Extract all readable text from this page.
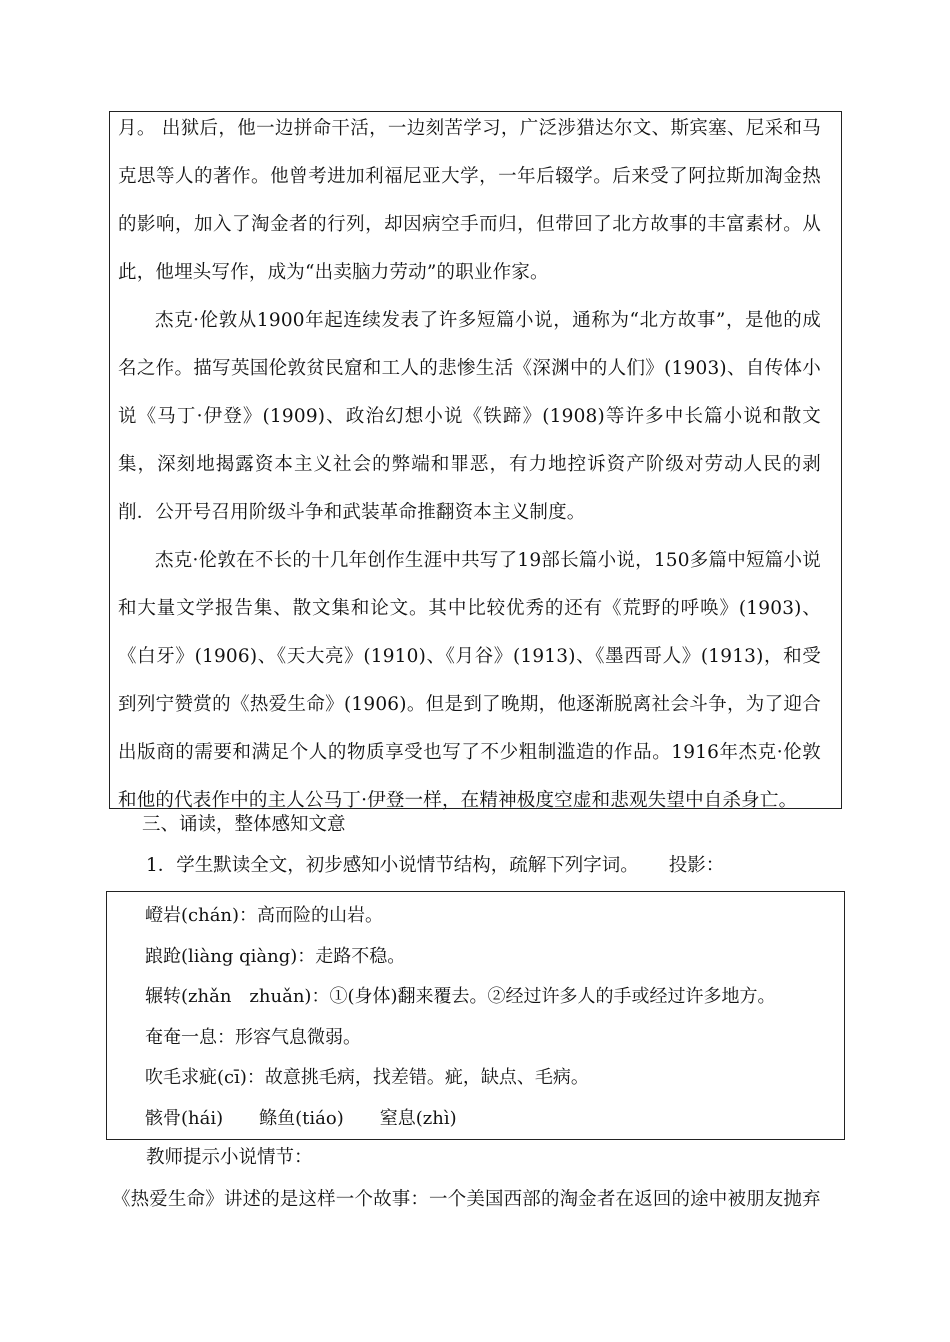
月。 出狱后，他一边拼命干活，一边刻苦学习，广泛涉猎达尔文、斯宾塞、尼采和马克思等人的著作。他曾考进加利福尼亚大学，一年后辍学。后来受了阿拉斯加淘金热的影响，加入了淘金者的行列，却因病空手而归，但带回了北方故事的丰富素材。从此，他埋头写作，成为“出卖脑力劳动”的职业作家。

杰克·伦敦从1900年起连续发表了许多短篇小说，通称为“北方故事”，是他的成名之作。描写英国伦敦贫民窟和工人的悲惨生活《深渊中的人们》(1903)、自传体小说《马丁·伊登》(1909)、政治幻想小说《铁蹄》(1908)等许多中长篇小说和散文集，深刻地揭露资本主义社会的弊端和罪恶，有力地控诉资产阶级对劳动人民的剥削．公开号召用阶级斗争和武装革命推翻资本主义制度。

杰克·伦敦在不长的十几年创作生涯中共写了19部长篇小说，150多篇中短篇小说和大量文学报告集、散文集和论文。其中比较优秀的还有《荒野的呼唤》(1903)、《白牙》(1906)、《天大亮》(1910)、《月谷》(1913)、《墨西哥人》(1913)，和受到列宁赞赏的《热爱生命》(1906)。但是到了晚期，他逐渐脱离社会斗争，为了迎合出版商的需要和满足个人的物质享受也写了不少粗制滥造的作品。1916年杰克·伦敦和他的代表作中的主人公马丁·伊登一样，在精神极度空虚和悲观失望中自杀身亡。

三、诵读，整体感知文意

1．学生默读全文，初步感知小说情节结构，疏解下列字词。 投影：

嶝岩(chán)：高而险的山岩。

踉跄(liàng qiàng)：走路不稳。

辗转(zhǎn　zhuǎn)：①(身体)翻来覆去。②经过许多人的手或经过许多地方。

奄奄一息：形容气息微弱。

吹毛求疵(cī)：故意挑毛病，找差错。疵，缺点、毛病。

骸骨(hái) 鲦鱼(tiáo) 窒息(zhì)

教师提示小说情节：

《热爱生命》讲述的是这样一个故事：一个美国西部的淘金者在返回的途中被朋友抛弃
